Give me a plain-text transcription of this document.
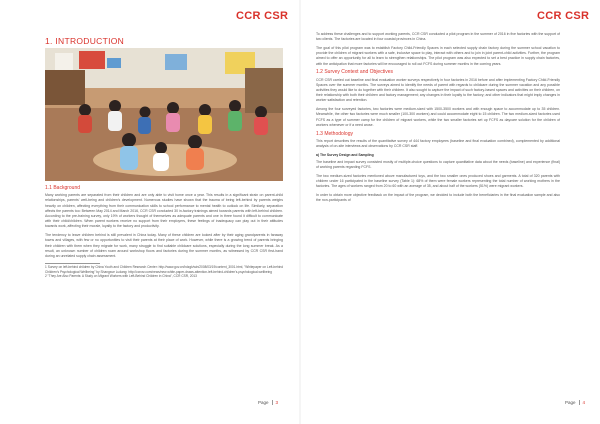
CCR CSR
1. INTRODUCTION
1.1 Background

Many working parents are separated from their children and are only able to visit home once a year. This results in a significant strain on parent-child relationships, parents' well-being and children's development. Numerous studies have shown that the trauma of being left-behind by parents weighs heavily on children, affecting everything from their communication skills to school performance to mental health to outlook on life. Similarly, separation affects the parents too: Between May 2014 and March 2016, CCR CSR conducted 30 in-factory trainings aimed towards parents with left-behind children. According to the pre-training survey, only 19% of workers thought of themselves as adequate parents and one in three found it difficult to communicate with their child/children. When parent workers receive no support from their employers, these feelings of inadequacy can play out in their attitudes towards work, affecting their morale, loyalty to the factory and productivity.

The tendency to leave children behind is still prevalent in China today. Many of these children are looked after by their aging grandparents in faraway towns and villages, with few or no opportunities to visit their parents at their place of work. However, while there is a growing trend of parents bringing their children with them when they migrate for work, many struggle to find suitable childcare solutions, especially during the long summer break. As a result, an unknown number of children roam around workshop floors and factories during the summer months, as witnessed by CCR CSR first-hand during an unrelated supply chain assessment.

1 Survey on left-behind children by China Youth and Children Research Center: http://www.gov.cn/hdzgk/win/2008/03/19/content_3001.html, "Whitepaper on Left-behind Children's Psychological Wellbeing" by Shangxue Ludang: http://ccrcsr.com/news/new-white-paper-draws-attention-left-behind-children's-psychological-wellbeing
2 "They Are Also Parents: A Study on Migrant Workers with Left-Behind Children in China", CCR CSR, 2013
Page 3
CCR CSR

To address these challenges and to support working parents, CCR CSR conducted a pilot program in the summer of 2016 in five factories with the support of two clients. The factories are located in four coastal provinces in China.

The goal of this pilot program was to establish Factory Child-Friendly Spaces in each selected supply chain factory during the summer school vacation to provide the children of migrant workers with a safe, inclusive space to play, interact with others and to join in joint parent-child activities. Further, the program aimed to offer an opportunity for all to learn to strengthen relationships. The pilot program was also expected to set a best practice in supply chain factories, with the anticipation that more factories will be encouraged to roll out FCFS during summer months in the coming years.

1.2 Survey Context and Objectives

CCR CSR carried out baseline and final evaluation worker surveys respectively in four factories in 2016 before and after implementing Factory Child-Friendly Spaces over the summer months. The surveys aimed to identify the needs of parent with regards to childcare during the summer vacation and any possible activities they would like to do together with their children. It also sought to capture the impact of such factory-based spaces and activities on their children, on their relationship with both their children and factory management; any changes in their loyalty to the factory; and other indicators that might imply changes in worker satisfaction and retention.

Among the four surveyed factories, two factories were medium-sized with 1500-3500 workers and with enough space to accommodate up to 35 children. Meanwhile, the other two factories were much smaller (100-300 workers) and could accommodate eight to 15 children. The two medium-sized factories used FCFS as a type of summer camp for the children of migrant workers, while the two smaller factories set up FCFS as daycare solution for the children of workers whenever or if a need arose.

1.3 Methodology

This report describes the results of the quantitative survey of 444 factory employees (baseline and final evaluation combined), complemented by additional analysis of on-site interviews and observations by CCR CSR staff.

a) The Survey Design and Sampling

The baseline and impact survey consisted mostly of multiple-choice questions to capture quantitative data about the needs (baseline) and experience (final) of working parents regarding FCFS.

The two medium-sized factories mentioned above manufactured toys, and the two smaller ones produced shoes and garments. A total of 320 parents with children under 16 participated in the baseline survey (Table 1): 68% of them were female workers representing the total number of working mothers in the factories. The ages of workers ranged from 20 to 60 with an average of 35, and about half of the workers (51%) were migrant workers.

In order to obtain more objective feedback on the impact of the program, we decided to include both the beneficiaries in the final evaluation sample and also the non-participants of

Page 4
